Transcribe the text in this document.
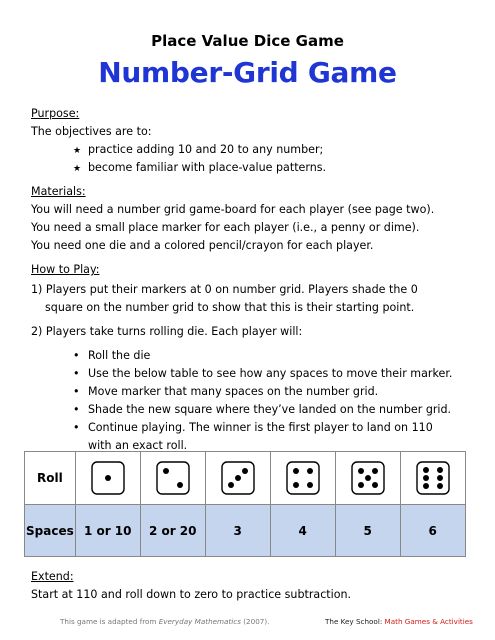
Place Value Dice Game
Number-Grid Game
Purpose:
The objectives are to:
★ practice adding 10 and 20 to any number;
★ become familiar with place-value patterns.
Materials:
You will need a number grid game-board for each player (see page two).
You need a small place marker for each player (i.e., a penny or dime).
You need one die and a colored pencil/crayon for each player.
How to Play:
1) Players put their markers at 0 on number grid. Players shade the 0
square on the number grid to show that this is their starting point.
2) Players take turns rolling die. Each player will:
• Roll the die
• Use the below table to see how any spaces to move their marker.
• Move marker that many spaces on the number grid.
• Shade the new square where they’ve landed on the number grid.
• Continue playing. The winner is the first player to land on 110
with an exact roll.
Roll	

Spaces	1 or 10	2 or 20	3	4	5	6
Extend:
Start at 110 and roll down to zero to practice subtraction.
This game is adapted from Everyday Mathematics (2007).	The Key School: Math Games & Activities
